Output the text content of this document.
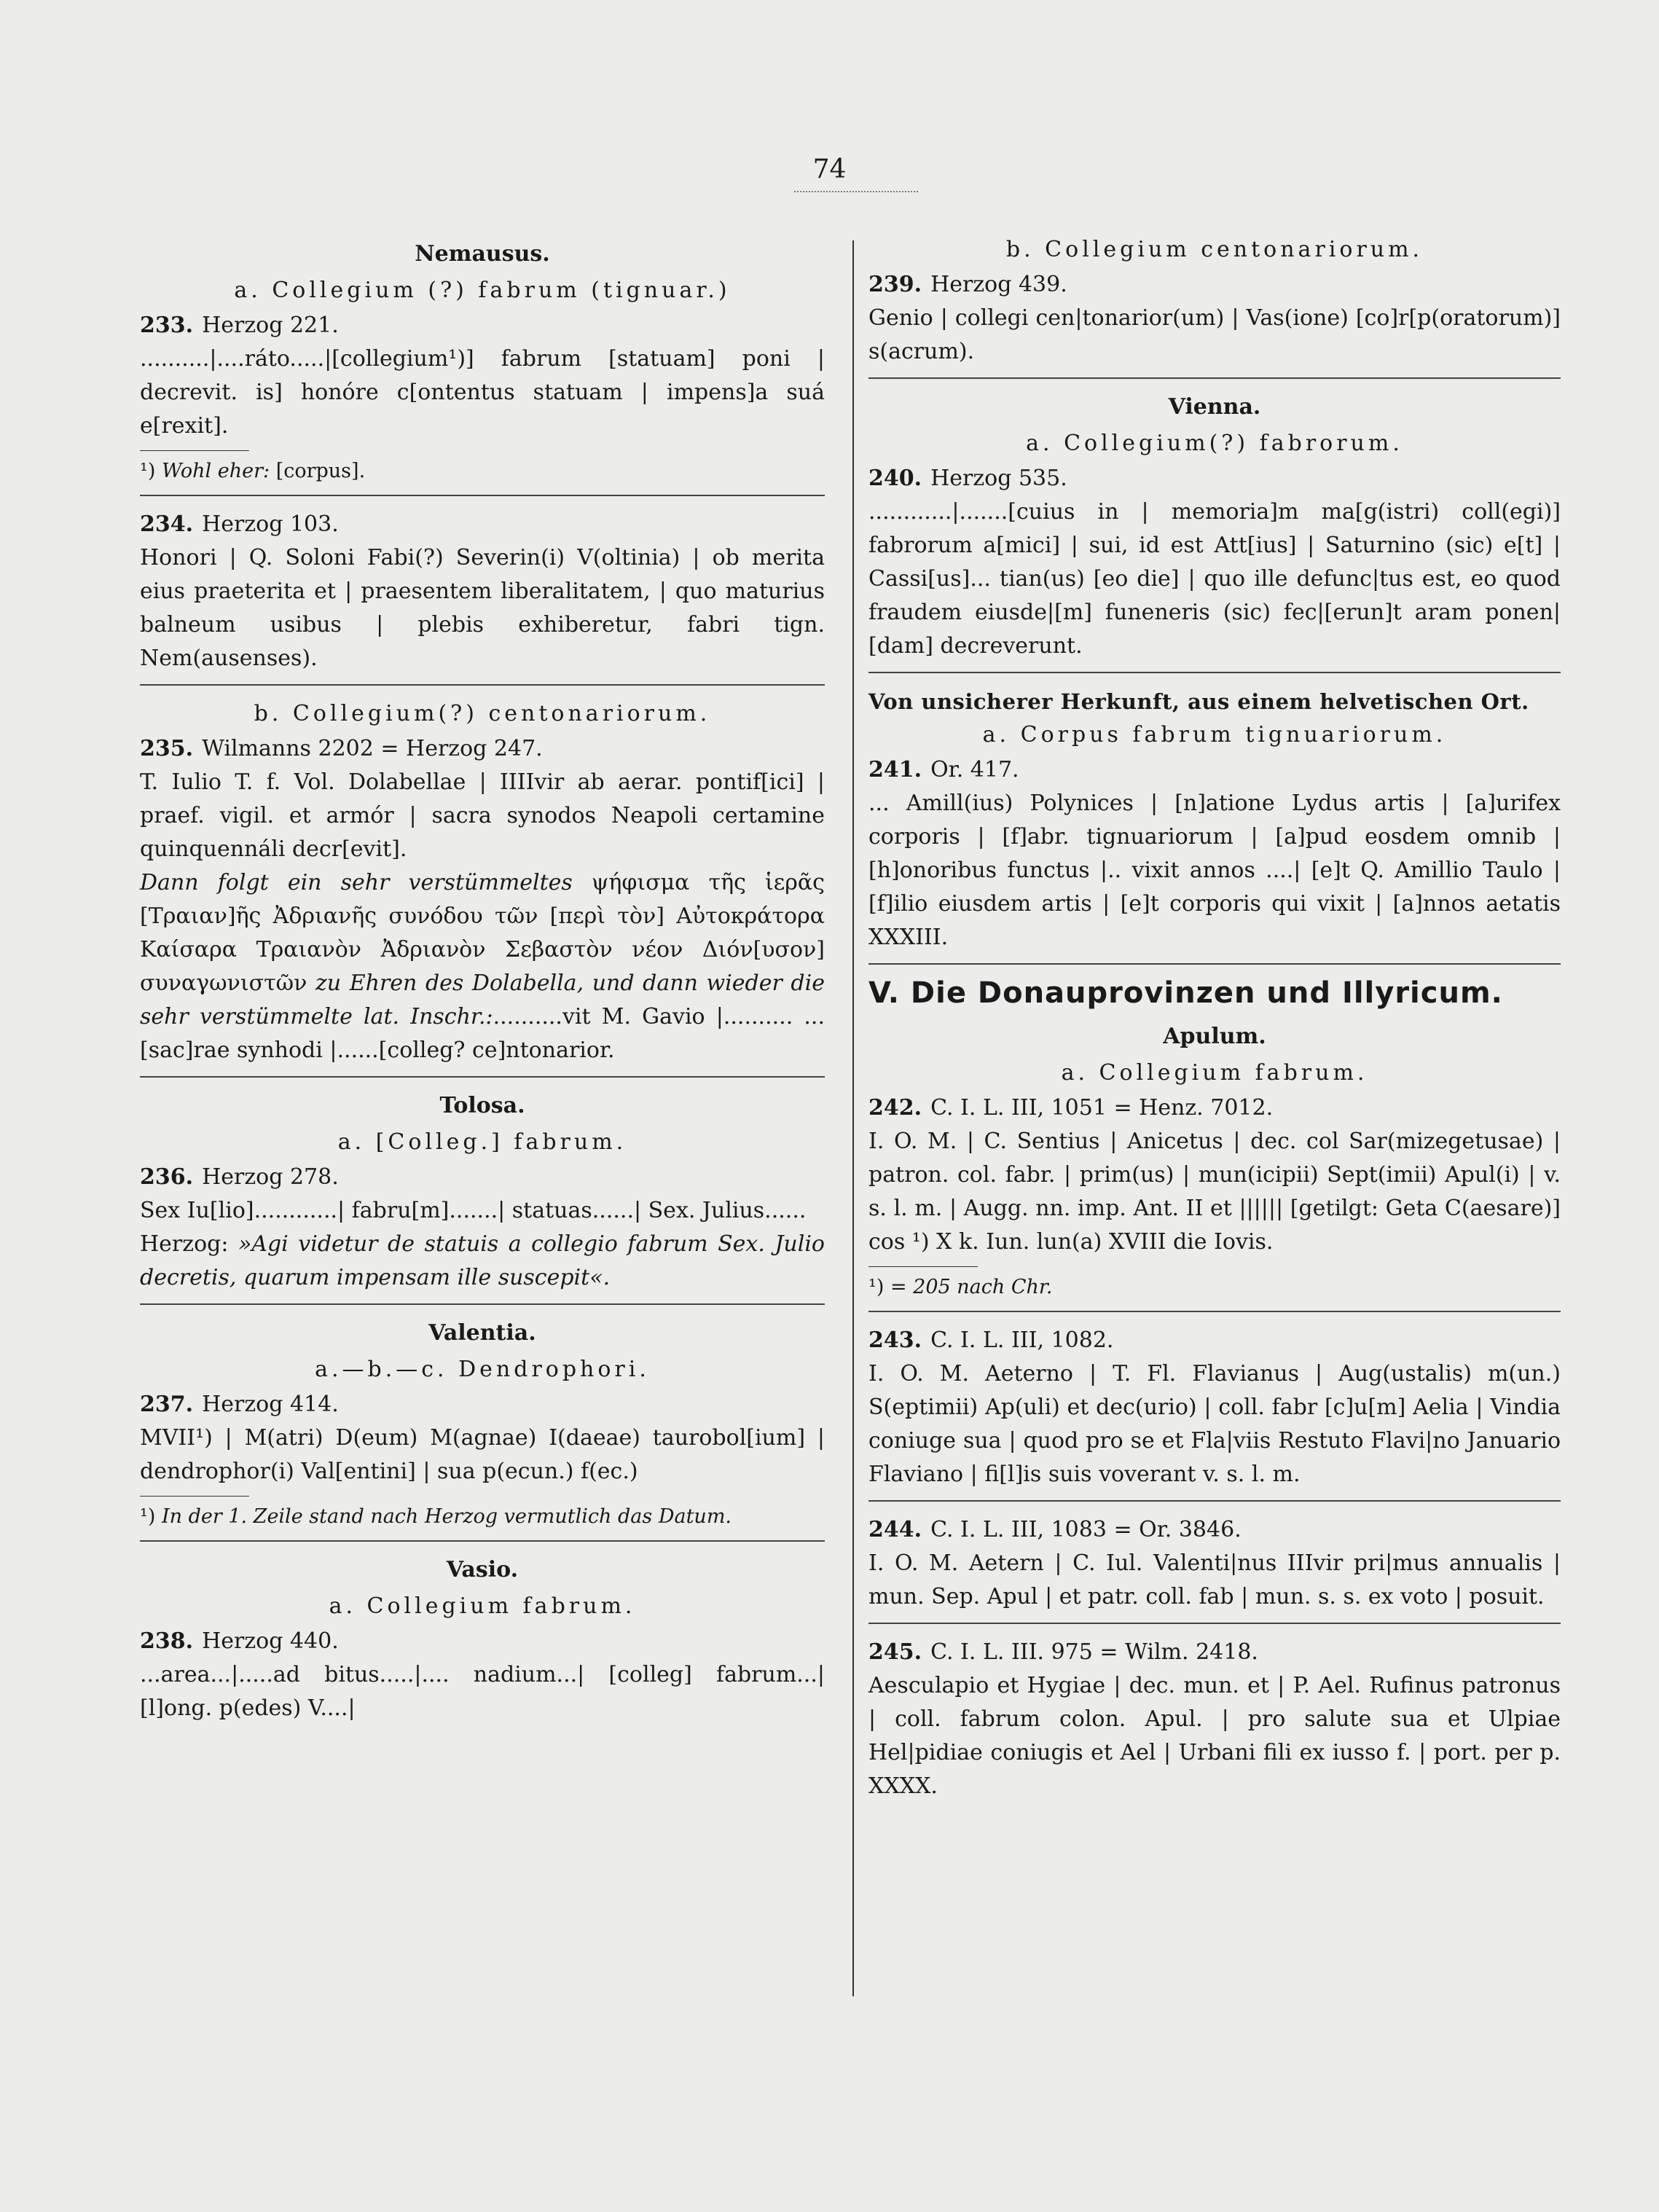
74
Nemausus.
a. Collegium (?) fabrum (tignuar.)
233. Herzog 221.
..........|....ráto.....|[collegium¹)] fabrum [statuam] poni | decrevit. is] honóre c[ontentus statuam | impens]a suá e[rexit].
¹) Wohl eher: [corpus].
234. Herzog 103.
Honori | Q. Soloni Fabi(?) Severin(i) V(oltinia) | ob merita eius praeterita et | praesentem liberalitatem, | quo maturius balneum usibus | plebis exhiberetur, fabri tign. Nem(ausenses).
b. Collegium(?) centonariorum.
235. Wilmanns 2202 = Herzog 247.
T. Iulio T. f. Vol. Dolabellae | IIIIvir ab aerar. pontif[ici] | praef. vigil. et armór | sacra synodos Neapoli certamine quinquennáli decr[evit].
Dann folgt ein sehr verstümmeltes ψήφισμα τῆς ἱερᾶς [Τραιαν]ῆς Ἀδριανῆς συνόδου τῶν [περὶ τὸν] Αὐτοκράτορα Καίσαρα Τραιανὸν Ἀδριανὸν Σεβαστὸν νέον Διόν[υσον] συναγωνιστῶν zu Ehren des Dolabella, und dann wieder die sehr verstümmelte lat. Inschr.:..........vit M. Gavio |.......... ... [sac]rae synhodi |......[colleg? ce]ntonarior.
Tolosa.
a. [Colleg.] fabrum.
236. Herzog 278.
Sex Iu[lio]............| fabru[m].......| statuas......| Sex. Julius......
Herzog: »Agi videtur de statuis a collegio fabrum Sex. Julio decretis, quarum impensam ille suscepit«.
Valentia.
a.—b.—c. Dendrophori.
237. Herzog 414.
MVII¹) | M(atri) D(eum) M(agnae) I(daeae) taurobol[ium] | dendrophor(i) Val[entini] | sua p(ecun.) f(ec.)
¹) In der 1. Zeile stand nach Herzog vermutlich das Datum.
Vasio.
a. Collegium fabrum.
238. Herzog 440.
...area...|.....ad bitus.....|.... nadium...| [colleg] fabrum...| [l]ong. p(edes) V....|
b. Collegium centonariorum.
239. Herzog 439.
Genio | collegi cen|tonarior(um) | Vas(ione) [co]r[p(oratorum)] s(acrum).
Vienna.
a. Collegium(?) fabrorum.
240. Herzog 535.
............|.......[cuius in | memoria]m ma[g(istri) coll(egi)] fabrorum a[mici] | sui, id est Att[ius] | Saturnino (sic) e[t] | Cassi[us]... tian(us) [eo die] | quo ille defunc|tus est, eo quod fraudem eiusde|[m] funeneris (sic) fec|[erun]t aram ponen|[dam] decreverunt.
Von unsicherer Herkunft, aus einem helvetischen Ort.
a. Corpus fabrum tignuariorum.
241. Or. 417.
... Amill(ius) Polynices | [n]atione Lydus artis | [a]urifex corporis | [f]abr. tignuariorum | [a]pud eosdem omnib | [h]onoribus functus |.. vixit annos ....| [e]t Q. Amillio Taulo | [f]ilio eiusdem artis | [e]t corporis qui vixit | [a]nnos aetatis XXXIII.
V. Die Donauprovinzen und Illyricum.
Apulum.
a. Collegium fabrum.
242. C. I. L. III, 1051 = Henz. 7012.
I. O. M. | C. Sentius | Anicetus | dec. col Sar(mizegetusae) | patron. col. fabr. | prim(us) | mun(icipii) Sept(imii) Apul(i) | v. s. l. m. | Augg. nn. imp. Ant. II et |||||| [getilgt: Geta C(aesare)] cos ¹) X k. Iun. lun(a) XVIII die Iovis.
¹) = 205 nach Chr.
243. C. I. L. III, 1082.
I. O. M. Aeterno | T. Fl. Flavianus | Aug(ustalis) m(un.) S(eptimii) Ap(uli) et dec(urio) | coll. fabr [c]u[m] Aelia | Vindia coniuge sua | quod pro se et Fla|viis Restuto Flavi|no Januario Flaviano | fi[l]is suis voverant v. s. l. m.
244. C. I. L. III, 1083 = Or. 3846.
I. O. M. Aetern | C. Iul. Valenti|nus IIIvir pri|mus annualis | mun. Sep. Apul | et patr. coll. fab | mun. s. s. ex voto | posuit.
245. C. I. L. III. 975 = Wilm. 2418.
Aesculapio et Hygiae | dec. mun. et | P. Ael. Rufinus patronus | coll. fabrum colon. Apul. | pro salute sua et Ulpiae Hel|pidiae coniugis et Ael | Urbani fili ex iusso f. | port. per p. XXXX.
